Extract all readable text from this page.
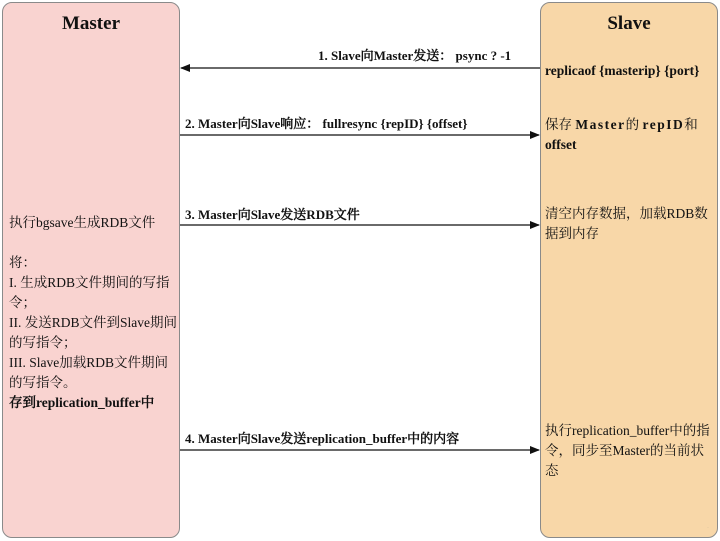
Master
执行bgsave生成RDB文件
将：
I. 生成RDB文件期间的写指令；
II. 发送RDB文件到Slave期间的写指令；
III. Slave加载RDB文件期间的写指令。
存到replication_buffer中
Slave
replicaof {masterip} {port}
保存 Master的 repID和
offset
清空内存数据，加载RDB数据到内存
执行replication_buffer中的指令，同步至Master的当前状态
·
1. Slave向Master发送： psync ? -1
2. Master向Slave响应： fullresync {repID} {offset}
3. Master向Slave发送RDB文件
4. Master向Slave发送replication_buffer中的内容
